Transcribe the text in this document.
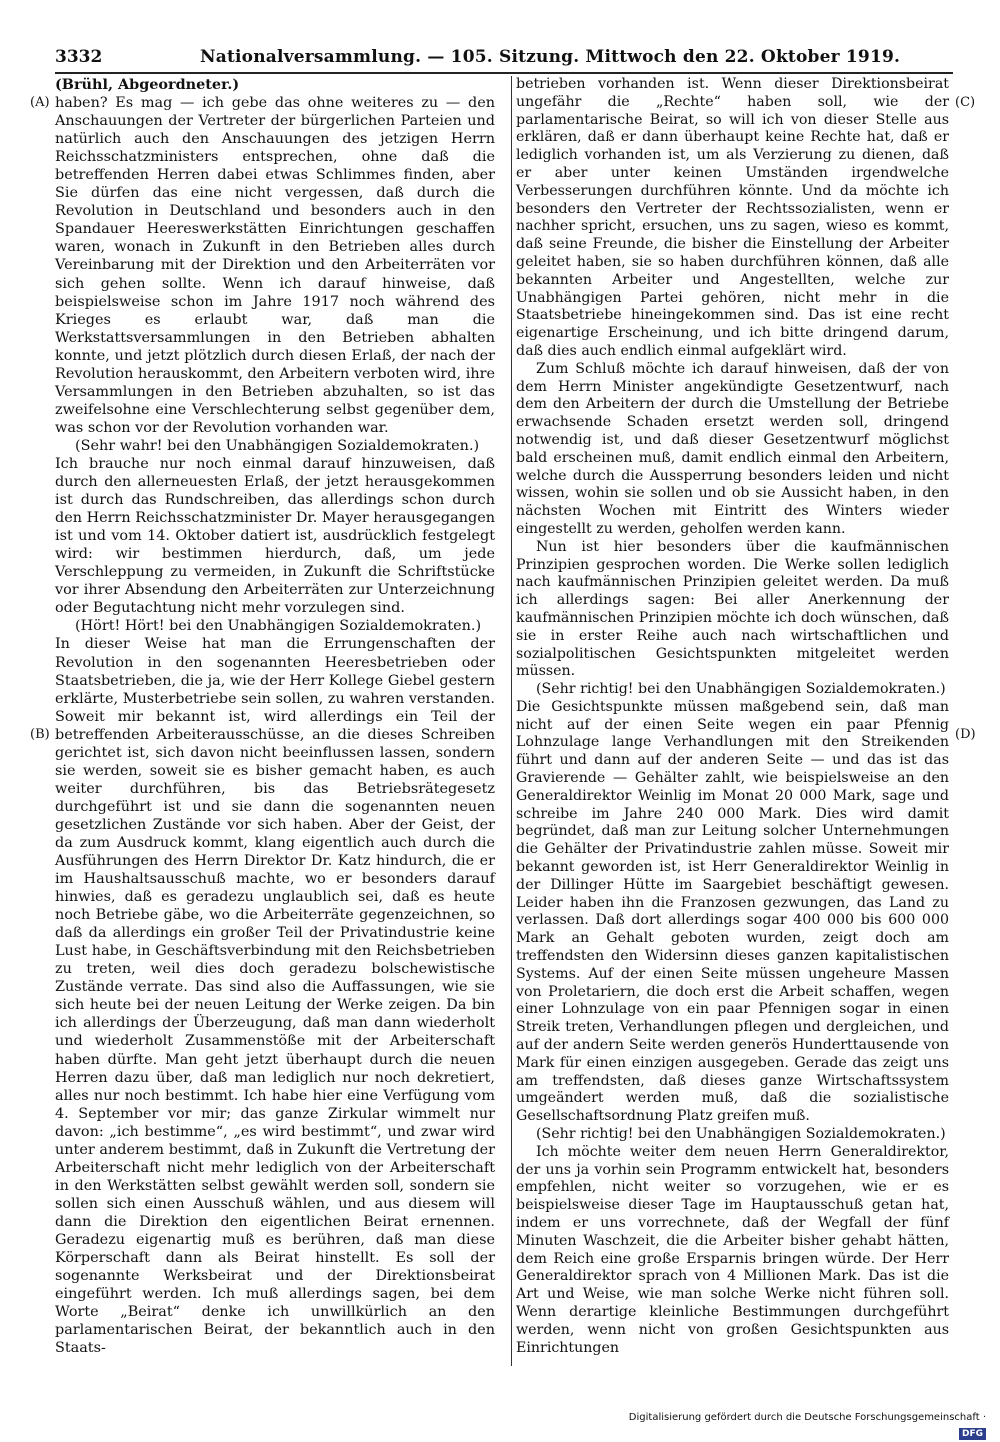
3332	Nationalversammlung. — 105. Sitzung. Mittwoch den 22. Oktober 1919.
(A)
(B)
(C)
(D)

(Brühl, Abgeordneter.)

haben? Es mag — ich gebe das ohne weiteres zu — den Anschauungen der Vertreter der bürgerlichen Parteien und natürlich auch den Anschauungen des jetzigen Herrn Reichsschatzministers entsprechen, ohne daß die betreffenden Herren dabei etwas Schlimmes finden, aber Sie dürfen das eine nicht vergessen, daß durch die Revolution in Deutschland und besonders auch in den Spandauer Heereswerkstätten Einrichtungen geschaffen waren, wonach in Zukunft in den Betrieben alles durch Vereinbarung mit der Direktion und den Arbeiterräten vor sich gehen sollte. Wenn ich darauf hinweise, daß beispielsweise schon im Jahre 1917 noch während des Krieges es erlaubt war, daß man die Werkstattsversammlungen in den Betrieben abhalten konnte, und jetzt plötzlich durch diesen Erlaß, der nach der Revolution herauskommt, den Arbeitern verboten wird, ihre Versammlungen in den Betrieben abzuhalten, so ist das zweifelsohne eine Verschlechterung selbst gegenüber dem, was schon vor der Revolution vorhanden war.

(Sehr wahr! bei den Unabhängigen Sozialdemokraten.)

Ich brauche nur noch einmal darauf hinzuweisen, daß durch den allerneuesten Erlaß, der jetzt herausgekommen ist durch das Rundschreiben, das allerdings schon durch den Herrn Reichsschatzminister Dr. Mayer herausgegangen ist und vom 14. Oktober datiert ist, ausdrücklich festgelegt wird: wir bestimmen hierdurch, daß, um jede Verschleppung zu vermeiden, in Zukunft die Schriftstücke vor ihrer Absendung den Arbeiterräten zur Unterzeichnung oder Begutachtung nicht mehr vorzulegen sind.

(Hört! Hört! bei den Unabhängigen Sozialdemokraten.)

In dieser Weise hat man die Errungenschaften der Revolution in den sogenannten Heeresbetrieben oder Staatsbetrieben, die ja, wie der Herr Kollege Giebel gestern erklärte, Musterbetriebe sein sollen, zu wahren verstanden. Soweit mir bekannt ist, wird allerdings ein Teil der betreffenden Arbeiterausschüsse, an die dieses Schreiben gerichtet ist, sich davon nicht beeinflussen lassen, sondern sie werden, soweit sie es bisher gemacht haben, es auch weiter durchführen, bis das Betriebsrätegesetz durchgeführt ist und sie dann die sogenannten neuen gesetzlichen Zustände vor sich haben. Aber der Geist, der da zum Ausdruck kommt, klang eigentlich auch durch die Ausführungen des Herrn Direktor Dr. Katz hindurch, die er im Haushaltsausschuß machte, wo er besonders darauf hinwies, daß es geradezu unglaublich sei, daß es heute noch Betriebe gäbe, wo die Arbeiterräte gegenzeichnen, so daß da allerdings ein großer Teil der Privatindustrie keine Lust habe, in Geschäftsverbindung mit den Reichsbetrieben zu treten, weil dies doch geradezu bolschewistische Zustände verrate. Das sind also die Auffassungen, wie sie sich heute bei der neuen Leitung der Werke zeigen. Da bin ich allerdings der Überzeugung, daß man dann wiederholt und wiederholt Zusammenstöße mit der Arbeiterschaft haben dürfte. Man geht jetzt überhaupt durch die neuen Herren dazu über, daß man lediglich nur noch dekretiert, alles nur noch bestimmt. Ich habe hier eine Verfügung vom 4. September vor mir; das ganze Zirkular wimmelt nur davon: „ich bestimme“, „es wird bestimmt“, und zwar wird unter anderem bestimmt, daß in Zukunft die Vertretung der Arbeiterschaft nicht mehr lediglich von der Arbeiterschaft in den Werkstätten selbst gewählt werden soll, sondern sie sollen sich einen Ausschuß wählen, und aus diesem will dann die Direktion den eigentlichen Beirat ernennen. Geradezu eigenartig muß es berühren, daß man diese Körperschaft dann als Beirat hinstellt. Es soll der sogenannte Werksbeirat und der Direktionsbeirat eingeführt werden. Ich muß allerdings sagen, bei dem Worte „Beirat“ denke ich unwillkürlich an den parlamentarischen Beirat, der bekanntlich auch in den Staats-

betrieben vorhanden ist. Wenn dieser Direktionsbeirat ungefähr die „Rechte“ haben soll, wie der parlamentarische Beirat, so will ich von dieser Stelle aus erklären, daß er dann überhaupt keine Rechte hat, daß er lediglich vorhanden ist, um als Verzierung zu dienen, daß er aber unter keinen Umständen irgendwelche Verbesserungen durchführen könnte. Und da möchte ich besonders den Vertreter der Rechtssozialisten, wenn er nachher spricht, ersuchen, uns zu sagen, wieso es kommt, daß seine Freunde, die bisher die Einstellung der Arbeiter geleitet haben, sie so haben durchführen können, daß alle bekannten Arbeiter und Angestellten, welche zur Unabhängigen Partei gehören, nicht mehr in die Staatsbetriebe hineingekommen sind. Das ist eine recht eigenartige Erscheinung, und ich bitte dringend darum, daß dies auch endlich einmal aufgeklärt wird.

Zum Schluß möchte ich darauf hinweisen, daß der von dem Herrn Minister angekündigte Gesetzentwurf, nach dem den Arbeitern der durch die Umstellung der Betriebe erwachsende Schaden ersetzt werden soll, dringend notwendig ist, und daß dieser Gesetzentwurf möglichst bald erscheinen muß, damit endlich einmal den Arbeitern, welche durch die Aussperrung besonders leiden und nicht wissen, wohin sie sollen und ob sie Aussicht haben, in den nächsten Wochen mit Eintritt des Winters wieder eingestellt zu werden, geholfen werden kann.

Nun ist hier besonders über die kaufmännischen Prinzipien gesprochen worden. Die Werke sollen lediglich nach kaufmännischen Prinzipien geleitet werden. Da muß ich allerdings sagen: Bei aller Anerkennung der kaufmännischen Prinzipien möchte ich doch wünschen, daß sie in erster Reihe auch nach wirtschaftlichen und sozialpolitischen Gesichtspunkten mitgeleitet werden müssen.

(Sehr richtig! bei den Unabhängigen Sozialdemokraten.)

Die Gesichtspunkte müssen maßgebend sein, daß man nicht auf der einen Seite wegen ein paar Pfennig Lohnzulage lange Verhandlungen mit den Streikenden führt und dann auf der anderen Seite — und das ist das Gravierende — Gehälter zahlt, wie beispielsweise an den Generaldirektor Weinlig im Monat 20 000 Mark, sage und schreibe im Jahre 240 000 Mark. Dies wird damit begründet, daß man zur Leitung solcher Unternehmungen die Gehälter der Privatindustrie zahlen müsse. Soweit mir bekannt geworden ist, ist Herr Generaldirektor Weinlig in der Dillinger Hütte im Saargebiet beschäftigt gewesen. Leider haben ihn die Franzosen gezwungen, das Land zu verlassen. Daß dort allerdings sogar 400 000 bis 600 000 Mark an Gehalt geboten wurden, zeigt doch am treffendsten den Widersinn dieses ganzen kapitalistischen Systems. Auf der einen Seite müssen ungeheure Massen von Proletariern, die doch erst die Arbeit schaffen, wegen einer Lohnzulage von ein paar Pfennigen sogar in einen Streik treten, Verhandlungen pflegen und dergleichen, und auf der andern Seite werden generös Hunderttausende von Mark für einen einzigen ausgegeben. Gerade das zeigt uns am treffendsten, daß dieses ganze Wirtschaftssystem umgeändert werden muß, daß die sozialistische Gesellschaftsordnung Platz greifen muß.

(Sehr richtig! bei den Unabhängigen Sozialdemokraten.)

Ich möchte weiter dem neuen Herrn Generaldirektor, der uns ja vorhin sein Programm entwickelt hat, besonders empfehlen, nicht weiter so vorzugehen, wie er es beispielsweise dieser Tage im Hauptausschuß getan hat, indem er uns vorrechnete, daß der Wegfall der fünf Minuten Waschzeit, die die Arbeiter bisher gehabt hätten, dem Reich eine große Ersparnis bringen würde. Der Herr Generaldirektor sprach von 4 Millionen Mark. Das ist die Art und Weise, wie man solche Werke nicht führen soll. Wenn derartige kleinliche Bestimmungen durchgeführt werden, wenn nicht von großen Gesichtspunkten aus Einrichtungen

Digitalisierung gefördert durch die Deutsche Forschungsgemeinschaft · DFG
